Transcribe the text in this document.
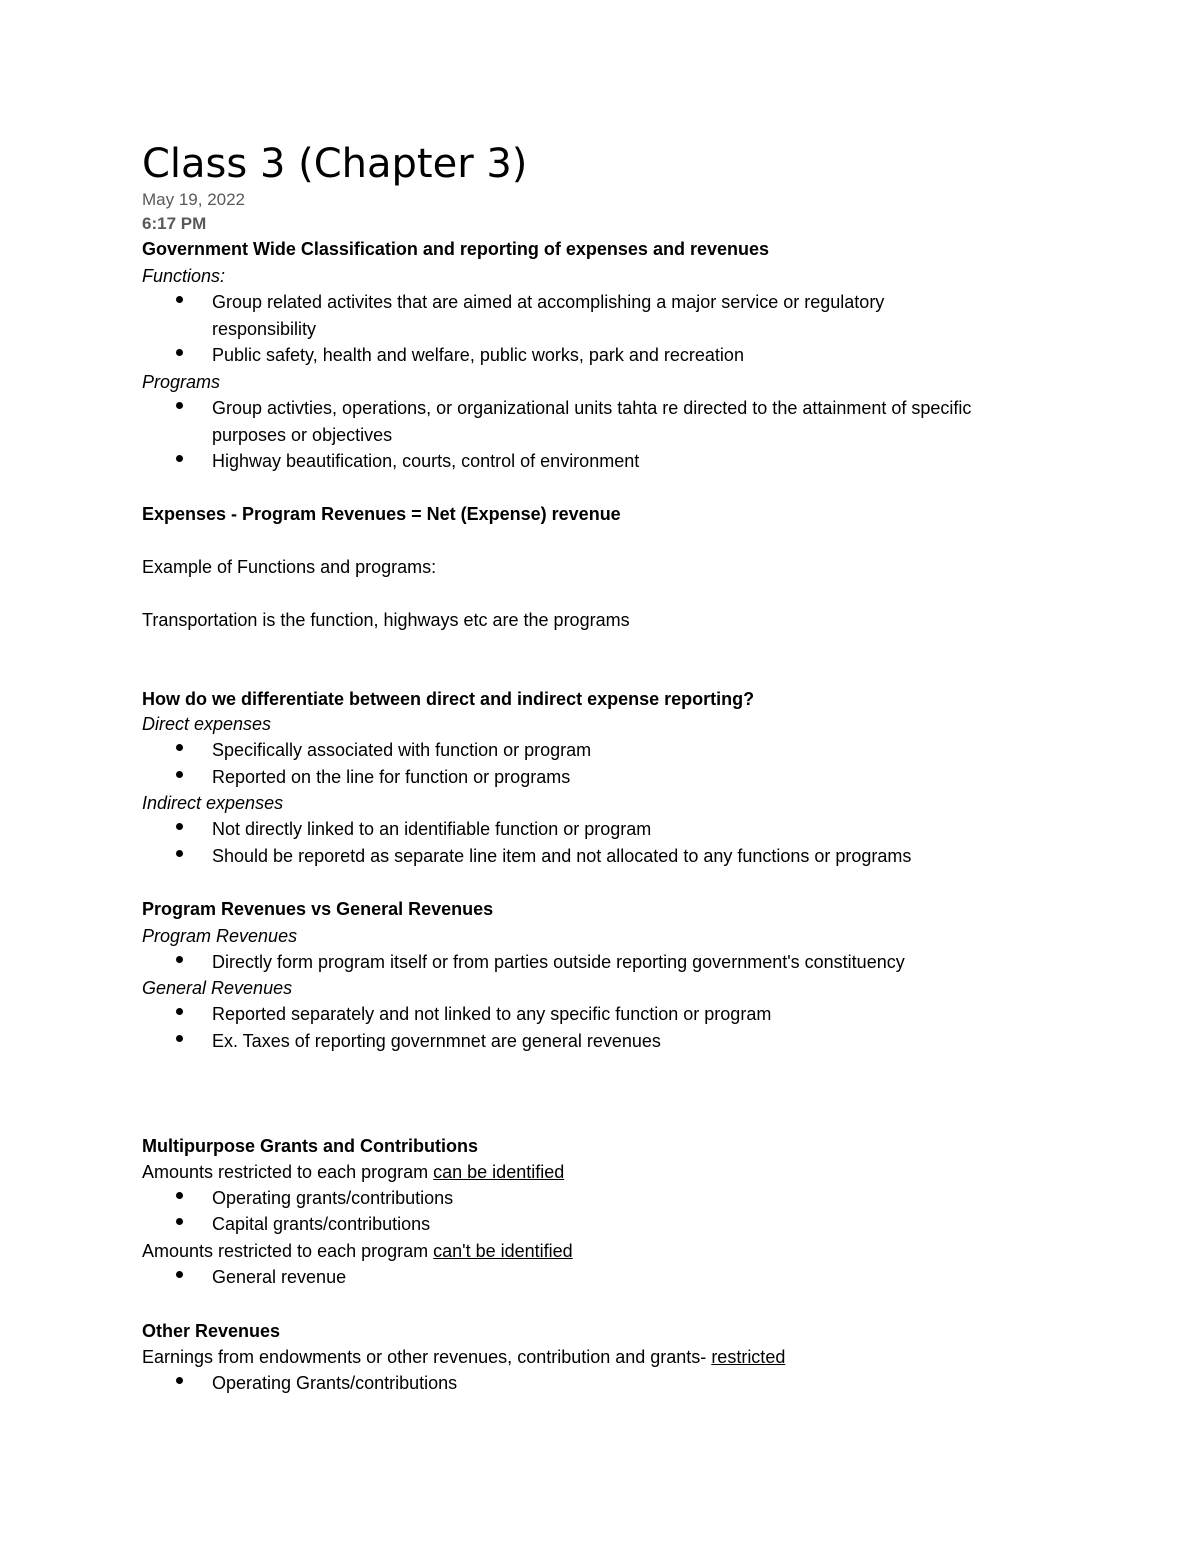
Class 3 (Chapter 3)
May 19, 2022
6:17 PM

Government Wide Classification and reporting of expenses and revenues

Functions:

Group related activites that are aimed at accomplishing a major service or regulatory

responsibility

Public safety, health and welfare, public works, park and recreation

Programs

Group activties, operations, or organizational units tahta re directed to the attainment of specific

purposes or objectives

Highway beautification, courts, control of environment

Expenses - Program Revenues = Net (Expense) revenue

Example of Functions and programs:

Transportation is the function, highways etc are the programs

How do we differentiate between direct and indirect expense reporting?

Direct expenses

Specifically associated with function or program

Reported on the line for function or programs

Indirect expenses

Not directly linked to an identifiable function or program

Should be reporetd as separate line item and not allocated to any functions or programs

Program Revenues vs General Revenues

Program Revenues

Directly form program itself or from parties outside reporting government's constituency

General Revenues

Reported separately and not linked to any specific function or program

Ex. Taxes of reporting governmnet are general revenues

Multipurpose Grants and Contributions

Amounts restricted to each program can be identified

Operating grants/contributions

Capital grants/contributions

Amounts restricted to each program can't be identified

General revenue

Other Revenues

Earnings from endowments or other revenues, contribution and grants- restricted

Operating Grants/contributions
